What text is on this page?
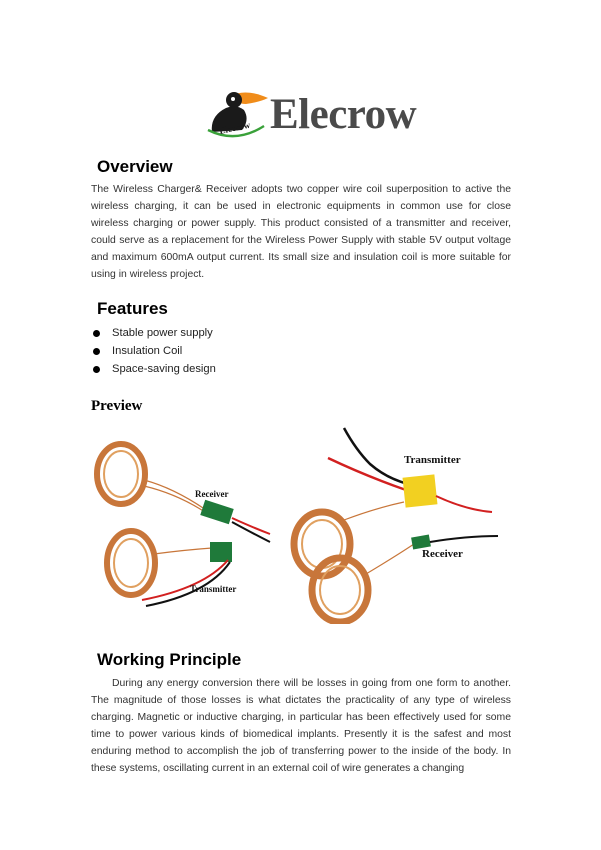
Elecrow Elecrow
Overview

The Wireless Charger& Receiver adopts two copper wire coil superposition to active the wireless charging, it can be used in electronic equipments in common use for close wireless charging or power supply. This product consisted of a transmitter and receiver, could serve as a replacement for the Wireless Power Supply with stable 5V output voltage and maximum 600mA output current. Its small size and insulation coil is more suitable for using in wireless project.

Features
Stable power supply
Insulation Coil
Space-saving design
Preview
Receiver
Transmitter
Transmitter
Receiver
Working Principle

During any energy conversion there will be losses in going from one form to another. The magnitude of those losses is what dictates the practicality of any type of wireless charging. Magnetic or inductive charging, in particular has been effectively used for some time to power various kinds of biomedical implants. Presently it is the safest and most enduring method to accomplish the job of transferring power to the inside of the body. In these systems, oscillating current in an external coil of wire generates a changing
